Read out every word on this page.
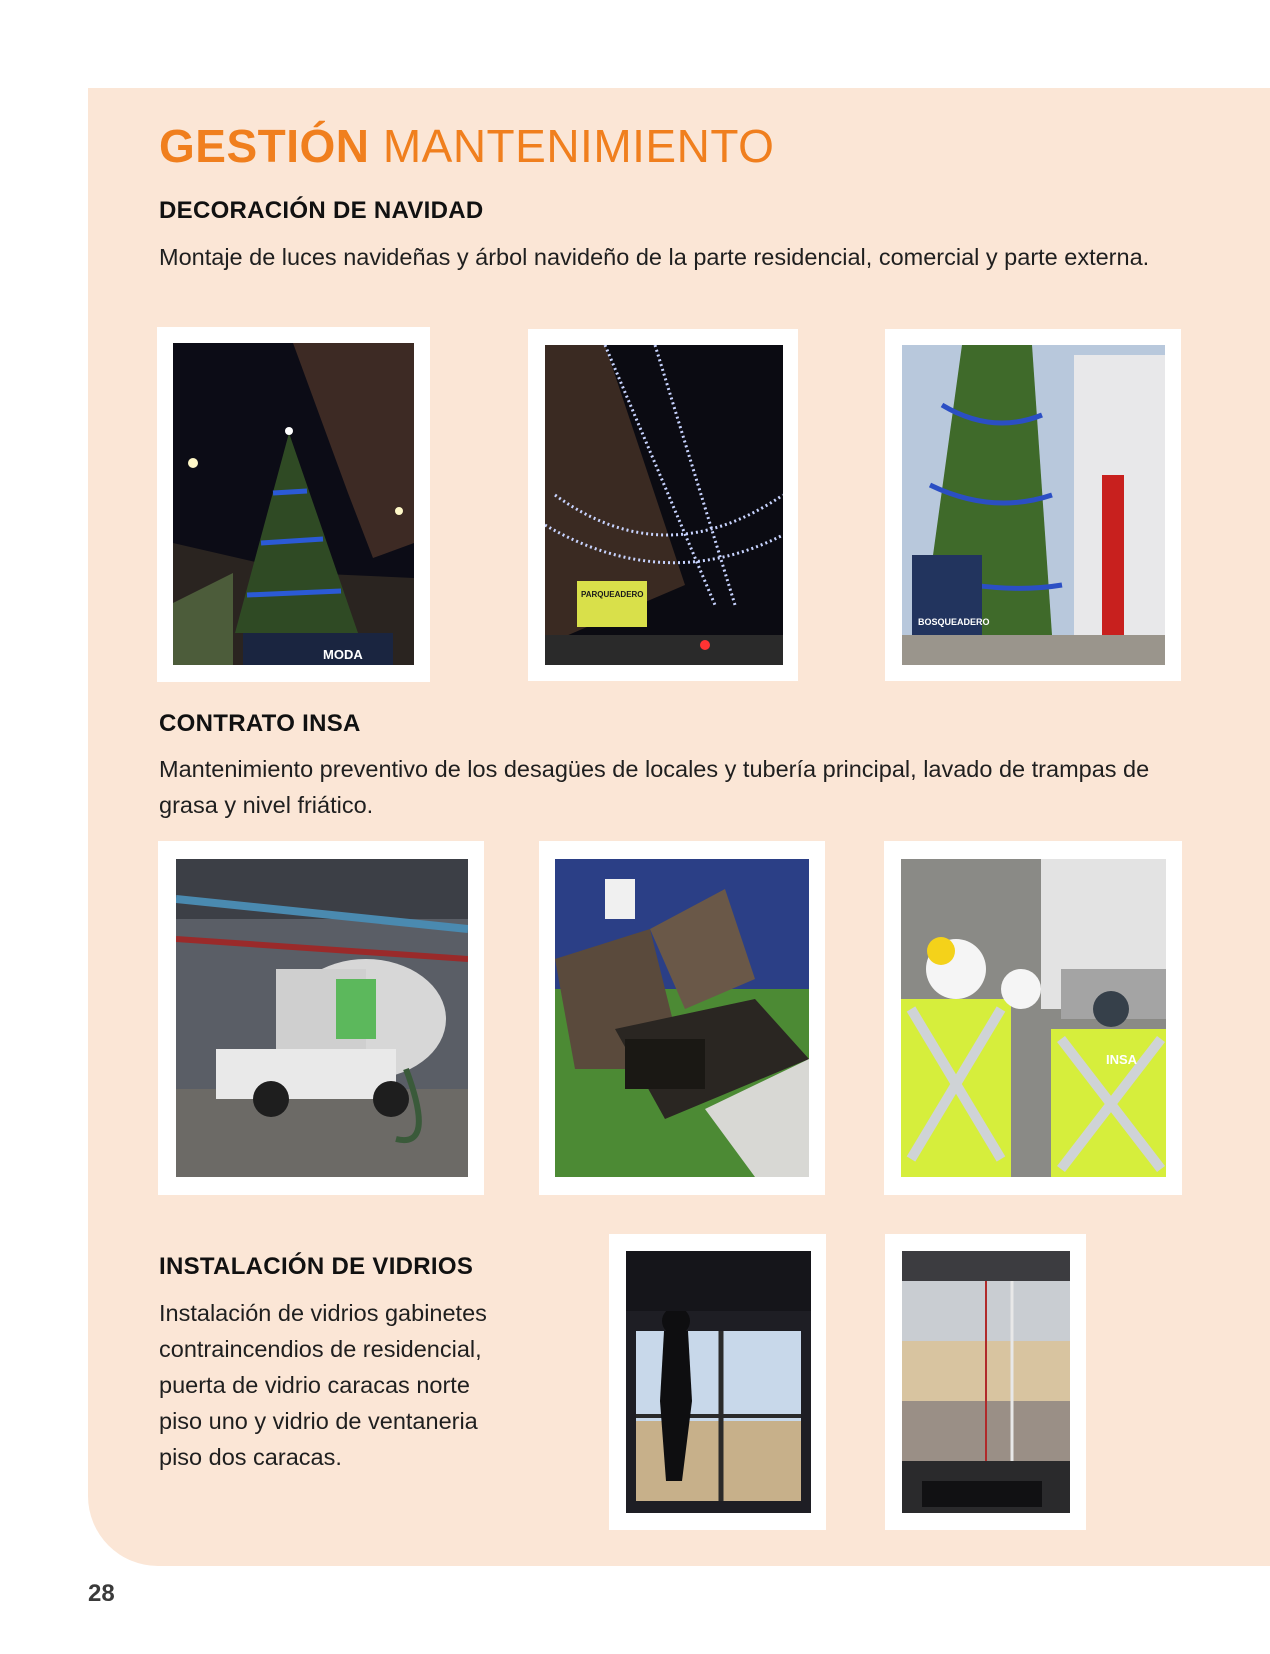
GESTIÓN MANTENIMIENTO
DECORACIÓN DE NAVIDAD

Montaje de luces navideñas y árbol navideño de la parte residencial, comercial y parte externa.

MODA
PARQUEADERO
BOSQUEADERO
CONTRATO INSA

Mantenimiento preventivo de los desagües de locales y tubería principal, lavado de trampas de grasa y nivel friático.

INSA
INSTALACIÓN DE VIDRIOS

Instalación de vidrios gabinetes contraincendios de residencial, puerta de vidrio caracas norte piso uno y vidrio de ventaneria piso dos caracas.

28
